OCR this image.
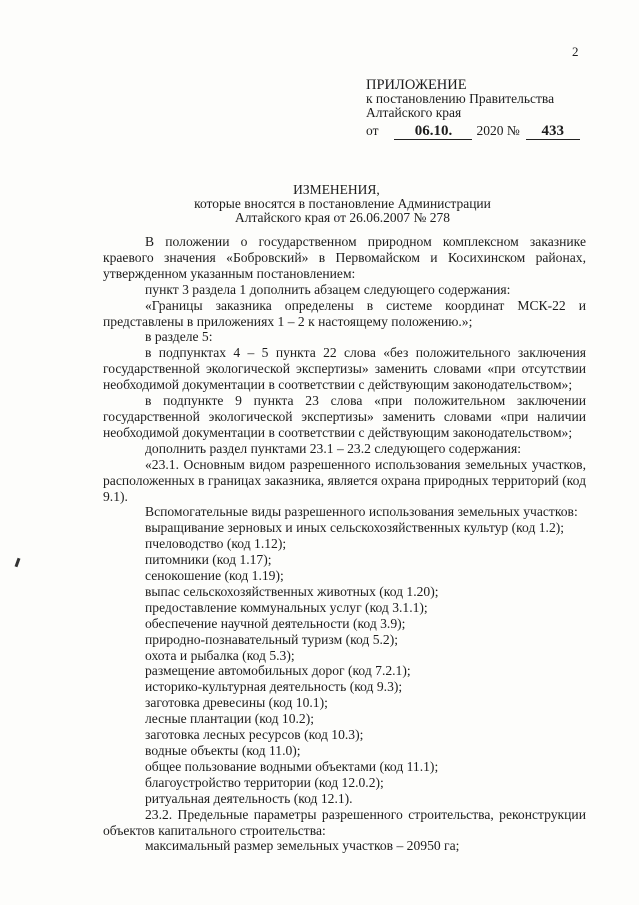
2
ПРИЛОЖЕНИЕ
к постановлению Правительства
Алтайского края
от	06.10.	2020 №	433
ИЗМЕНЕНИЯ,
которые вносятся в постановление Администрации
Алтайского края от 26.06.2007 № 278

В положении о государственном природном комплексном заказнике краевого значения «Бобровский» в Первомайском и Косихинском районах, утвержденном указанным постановлением:

пункт 3 раздела 1 дополнить абзацем следующего содержания:

«Границы заказника определены в системе координат МСК-22 и представлены в приложениях 1 – 2 к настоящему положению.»;

в разделе 5:

в подпунктах 4 – 5 пункта 22 слова «без положительного заключения государственной экологической экспертизы» заменить словами «при отсутствии необходимой документации в соответствии с действующим законодательством»;

в подпункте 9 пункта 23 слова «при положительном заключении государственной экологической экспертизы» заменить словами «при наличии необходимой документации в соответствии с действующим законодательством»;

дополнить раздел пунктами 23.1 – 23.2 следующего содержания:

«23.1. Основным видом разрешенного использования земельных участков, расположенных в границах заказника, является охрана природных территорий (код 9.1).

Вспомогательные виды разрешенного использования земельных участков:

выращивание зерновых и иных сельскохозяйственных культур (код 1.2);
пчеловодство (код 1.12);
питомники (код 1.17);
сенокошение (код 1.19);
выпас сельскохозяйственных животных (код 1.20);
предоставление коммунальных услуг (код 3.1.1);
обеспечение научной деятельности (код 3.9);
природно-познавательный туризм (код 5.2);
охота и рыбалка (код 5.3);
размещение автомобильных дорог (код 7.2.1);
историко-культурная деятельность (код 9.3);
заготовка древесины (код 10.1);
лесные плантации (код 10.2);
заготовка лесных ресурсов (код 10.3);
водные объекты (код 11.0);
общее пользование водными объектами (код 11.1);
благоустройство территории (код 12.0.2);
ритуальная деятельность (код 12.1).

23.2. Предельные параметры разрешенного строительства, реконструкции объектов капитального строительства:

максимальный размер земельных участков – 20950 га;
